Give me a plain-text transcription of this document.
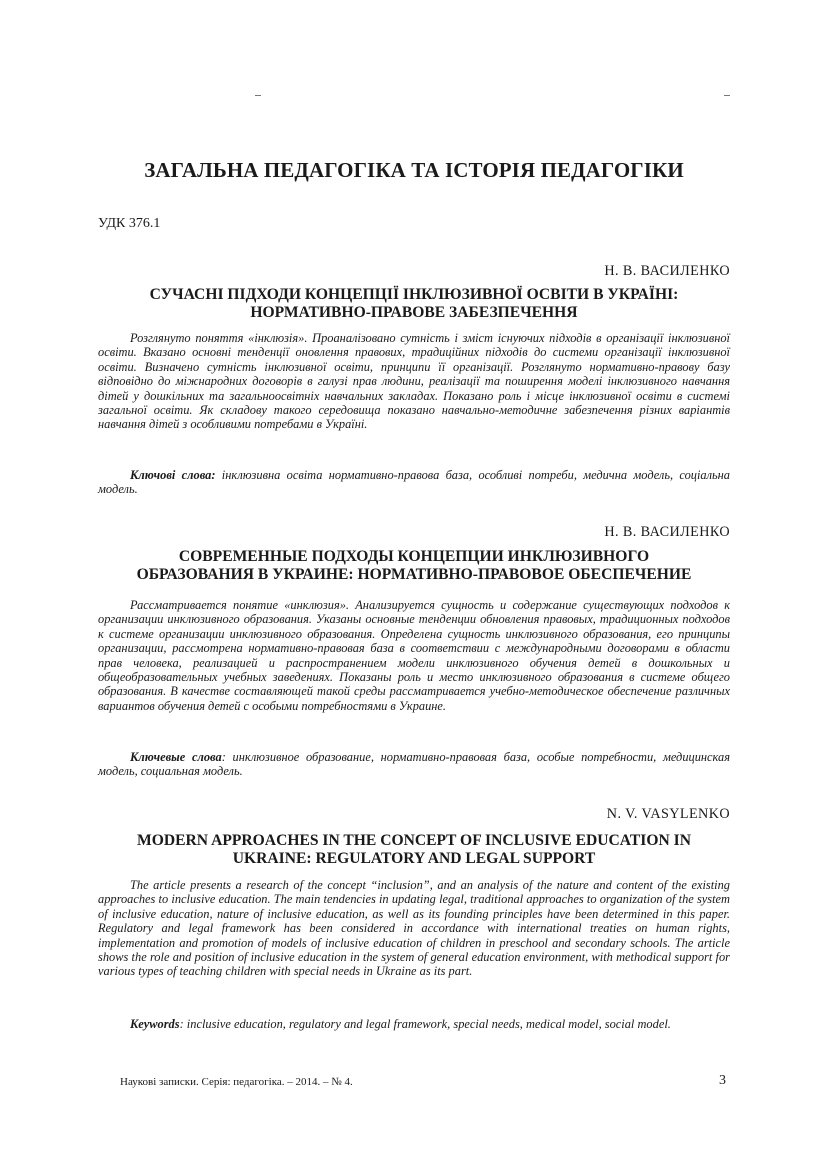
ЗАГАЛЬНА ПЕДАГОГІКА ТА ІСТОРІЯ ПЕДАГОГІКИ
УДК 376.1
Н. В. ВАСИЛЕНКО
СУЧАСНІ ПІДХОДИ КОНЦЕПЦІЇ ІНКЛЮЗИВНОЇ ОСВІТИ В УКРАЇНІ:
НОРМАТИВНО-ПРАВОВЕ ЗАБЕЗПЕЧЕННЯ

Розглянуто поняття «інклюзія». Проаналізовано сутність і зміст існуючих підходів в організації інклюзивної освіти. Вказано основні тенденції оновлення правових, традиційних підходів до системи організації інклюзивної освіти. Визначено сутність інклюзивної освіти, принципи її організації. Розглянуто нормативно-правову базу відповідно до міжнародних договорів в галузі прав людини, реалізації та поширення моделі інклюзивного навчання дітей у дошкільних та загальноосвітніх навчальних закладах. Показано роль і місце інклюзивної освіти в системі загальної освіти. Як складову такого середовища показано навчально-методичне забезпечення різних варіантів навчання дітей з особливими потребами в Україні.

Ключові слова: інклюзивна освіта нормативно-правова база, особливі потреби, медична модель, соціальна модель.

Н. В. ВАСИЛЕНКО
СОВРЕМЕННЫЕ ПОДХОДЫ КОНЦЕПЦИИ ИНКЛЮЗИВНОГО
ОБРАЗОВАНИЯ В УКРАИНЕ: НОРМАТИВНО-ПРАВОВОЕ ОБЕСПЕЧЕНИЕ

Рассматривается понятие «инклюзия». Анализируется сущность и содержание существующих подходов к организации инклюзивного образования. Указаны основные тенденции обновления правовых, традиционных подходов к системе организации инклюзивного образования. Определена сущность инклюзивного образования, его принципы организации, рассмотрена нормативно-правовая база в соответствии с международными договорами в области прав человека, реализацией и распространением модели инклюзивного обучения детей в дошкольных и общеобразовательных учебных заведениях. Показаны роль и место инклюзивного образования в системе общего образования. В качестве составляющей такой среды рассматривается учебно-методическое обеспечение различных вариантов обучения детей с особыми потребностями в Украине.

Ключевые слова: инклюзивное образование, нормативно-правовая база, особые потребности, медицинская модель, социальная модель.

N. V. VASYLENKO
MODERN APPROACHES IN THE CONCEPT OF INCLUSIVE EDUCATION IN
UKRAINE: REGULATORY AND LEGAL SUPPORT

The article presents a research of the concept “inclusion”, and an analysis of the nature and content of the existing approaches to inclusive education. The main tendencies in updating legal, traditional approaches to organization of the system of inclusive education, nature of inclusive education, as well as its founding principles have been determined in this paper. Regulatory and legal framework has been considered in accordance with international treaties on human rights, implementation and promotion of models of inclusive education of children in preschool and secondary schools. The article shows the role and position of inclusive education in the system of general education environment, with methodical support for various types of teaching children with special needs in Ukraine as its part.

Keywords: inclusive education, regulatory and legal framework, special needs, medical model, social model.

Наукові записки. Серія: педагогіка. – 2014. – № 4.	3
